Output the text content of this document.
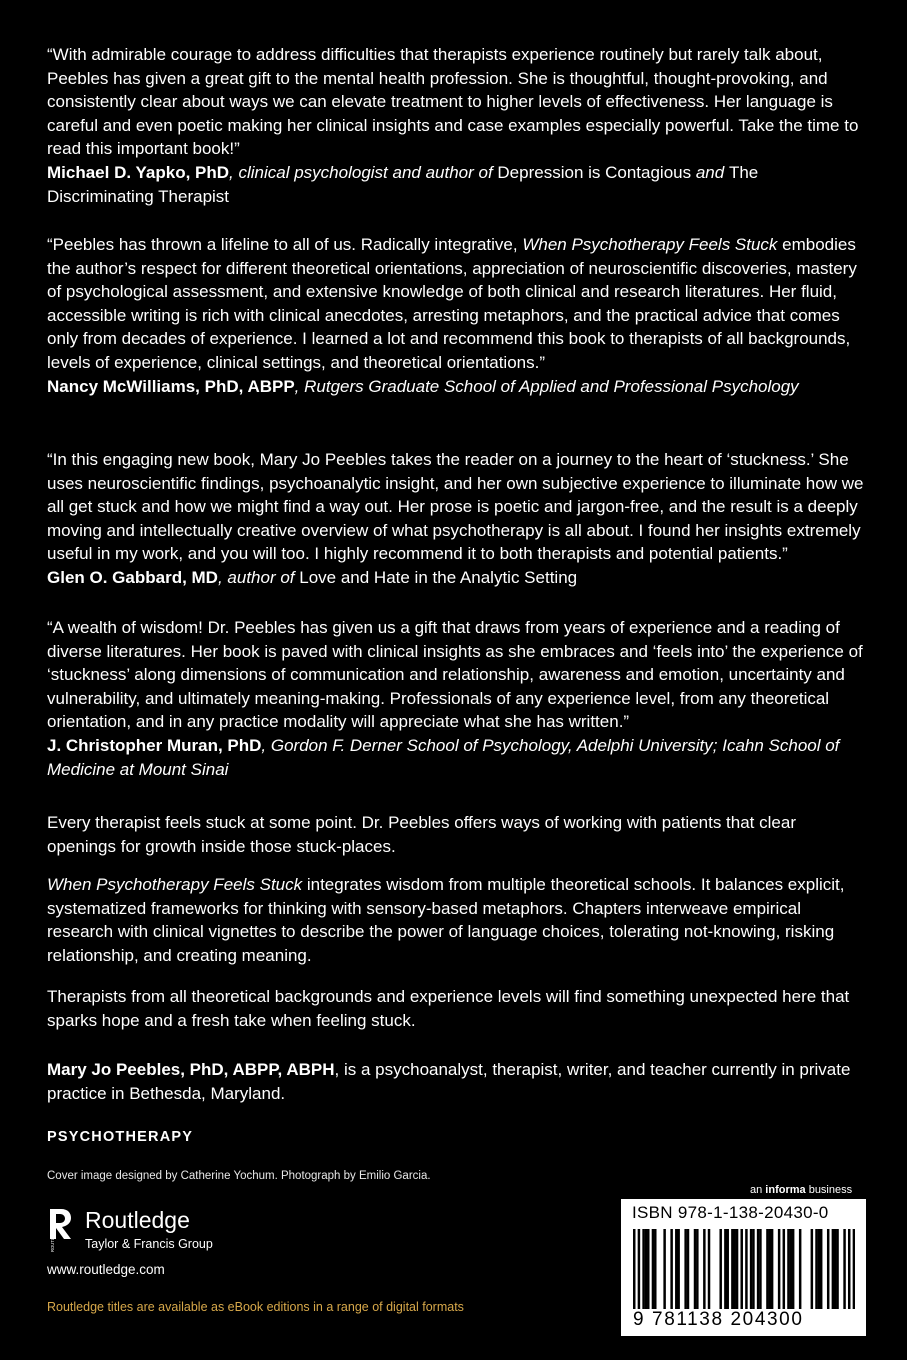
“With admirable courage to address difficulties that therapists experience routinely but rarely talk about, Peebles has given a great gift to the mental health profession. She is thoughtful, thought-provoking, and consistently clear about ways we can elevate treatment to higher levels of effectiveness. Her language is careful and even poetic making her clinical insights and case examples especially powerful. Take the time to read this important book!”

Michael D. Yapko, PhD, clinical psychologist and author of Depression is Contagious and The Discriminating Therapist

“Peebles has thrown a lifeline to all of us. Radically integrative, When Psychotherapy Feels Stuck embodies the author’s respect for different theoretical orientations, appreciation of neuroscientific discoveries, mastery of psychological assessment, and extensive knowledge of both clinical and research literatures. Her fluid, accessible writing is rich with clinical anecdotes, arresting metaphors, and the practical advice that comes only from decades of experience. I learned a lot and recommend this book to therapists of all backgrounds, levels of experience, clinical settings, and theoretical orientations.”

Nancy McWilliams, PhD, ABPP, Rutgers Graduate School of Applied and Professional Psychology

“In this engaging new book, Mary Jo Peebles takes the reader on a journey to the heart of ‘stuckness.’ She uses neuroscientific findings, psychoanalytic insight, and her own subjective experience to illuminate how we all get stuck and how we might find a way out. Her prose is poetic and jargon-free, and the result is a deeply moving and intellectually creative overview of what psychotherapy is all about. I found her insights extremely useful in my work, and you will too. I highly recommend it to both therapists and potential patients.”

Glen O. Gabbard, MD, author of Love and Hate in the Analytic Setting

“A wealth of wisdom! Dr. Peebles has given us a gift that draws from years of experience and a reading of diverse literatures. Her book is paved with clinical insights as she embraces and ‘feels into’ the experience of ‘stuckness’ along dimensions of communication and relationship, awareness and emotion, uncertainty and vulnerability, and ultimately meaning-making. Professionals of any experience level, from any theoretical orientation, and in any practice modality will appreciate what she has written.”

J. Christopher Muran, PhD, Gordon F. Derner School of Psychology, Adelphi University; Icahn School of Medicine at Mount Sinai

Every therapist feels stuck at some point. Dr. Peebles offers ways of working with patients that clear openings for growth inside those stuck-places.

When Psychotherapy Feels Stuck integrates wisdom from multiple theoretical schools. It balances explicit, systematized frameworks for thinking with sensory-based metaphors. Chapters interweave empirical research with clinical vignettes to describe the power of language choices, tolerating not-knowing, risking relationship, and creating meaning.

Therapists from all theoretical backgrounds and experience levels will find something unexpected here that sparks hope and a fresh take when feeling stuck.

Mary Jo Peebles, PhD, ABPP, ABPH, is a psychoanalyst, therapist, writer, and teacher currently in private practice in Bethesda, Maryland.

PSYCHOTHERAPY
Cover image designed by Catherine Yochum. Photograph by Emilio Garcia.
ROUTLEDGE
Routledge
Taylor & Francis Group
www.routledge.com
Routledge titles are available as eBook editions in a range of digital formats
an informa business
ISBN 978-1-138-20430-0
9 781138 204300
